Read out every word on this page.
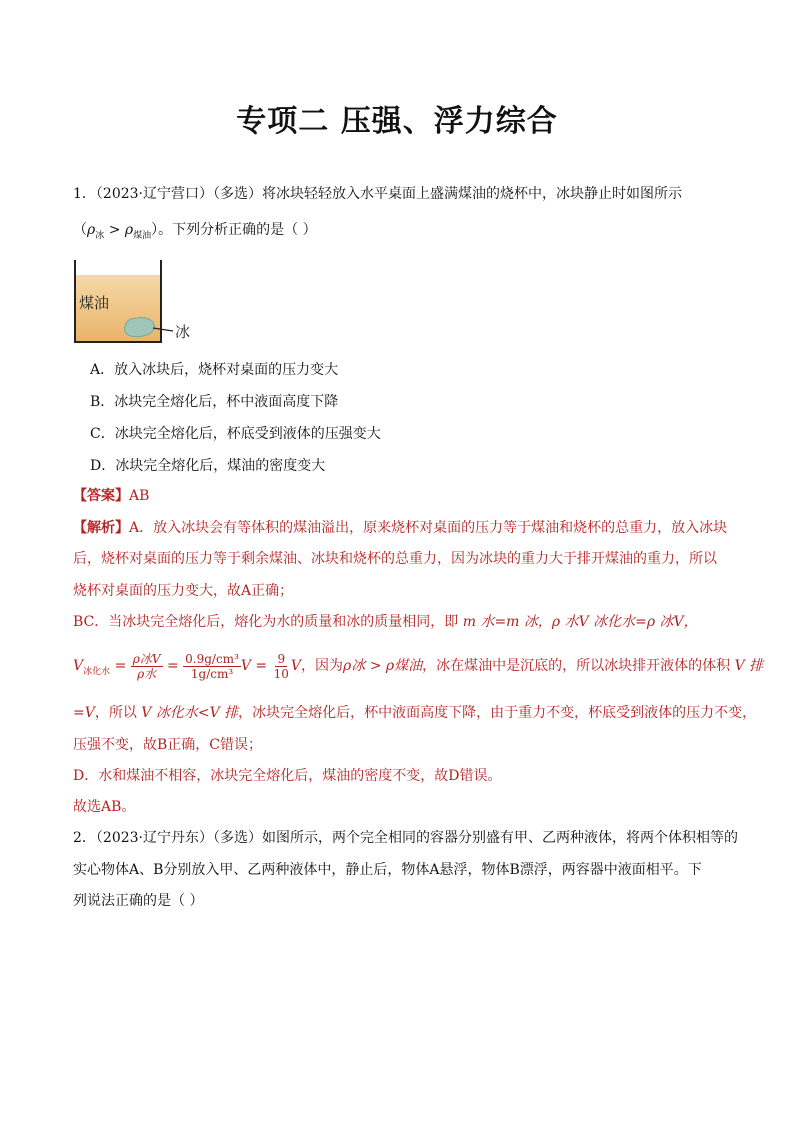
专项二 压强、浮力综合
1．（2023·辽宁营口）（多选）将冰块轻轻放入水平桌面上盛满煤油的烧杯中，冰块静止时如图所示
$(\rho_冰 > \rho_{煤油})$。下列分析正确的是（ ）
煤油
冰
A．放入冰块后，烧杯对桌面的压力变大
B．冰块完全熔化后，杯中液面高度下降
C．冰块完全熔化后，杯底受到液体的压强变大
D．冰块完全熔化后，煤油的密度变大
【答案】AB
【解析】A．放入冰块会有等体积的煤油溢出，原来烧杯对桌面的压力等于煤油和烧杯的总重力，放入冰块
后，烧杯对桌面的压力等于剩余煤油、冰块和烧杯的总重力，因为冰块的重力大于排开煤油的重力，所以
烧杯对桌面的压力变大，故A正确；
BC．当冰块完全熔化后，熔化为水的质量和冰的质量相同，即 m 水=m 冰，ρ 水V 冰化水=ρ 冰V，
$V_{冰化水} = \frac{\text{ρ冰V}}{\text{ρ水}} = \frac{\text{0.9g/cm³}}{\text{1g/cm³}}$ $V = \frac{9}{10}$ V，因为ρ冰 > ρ煤油，冰在煤油中是沉底的，所以冰块排开液体的体积 V 排
=V，所以 V 冰化水<V 排，冰块完全熔化后，杯中液面高度下降，由于重力不变，杯底受到液体的压力不变，
压强不变，故B正确，C错误；
D．水和煤油不相容，冰块完全熔化后，煤油的密度不变，故D错误。
故选AB。
2．（2023·辽宁丹东）（多选）如图所示，两个完全相同的容器分别盛有甲、乙两种液体，将两个体积相等的
实心物体A、B分别放入甲、乙两种液体中，静止后，物体A悬浮，物体B漂浮，两容器中液面相平。下
列说法正确的是（ ）
